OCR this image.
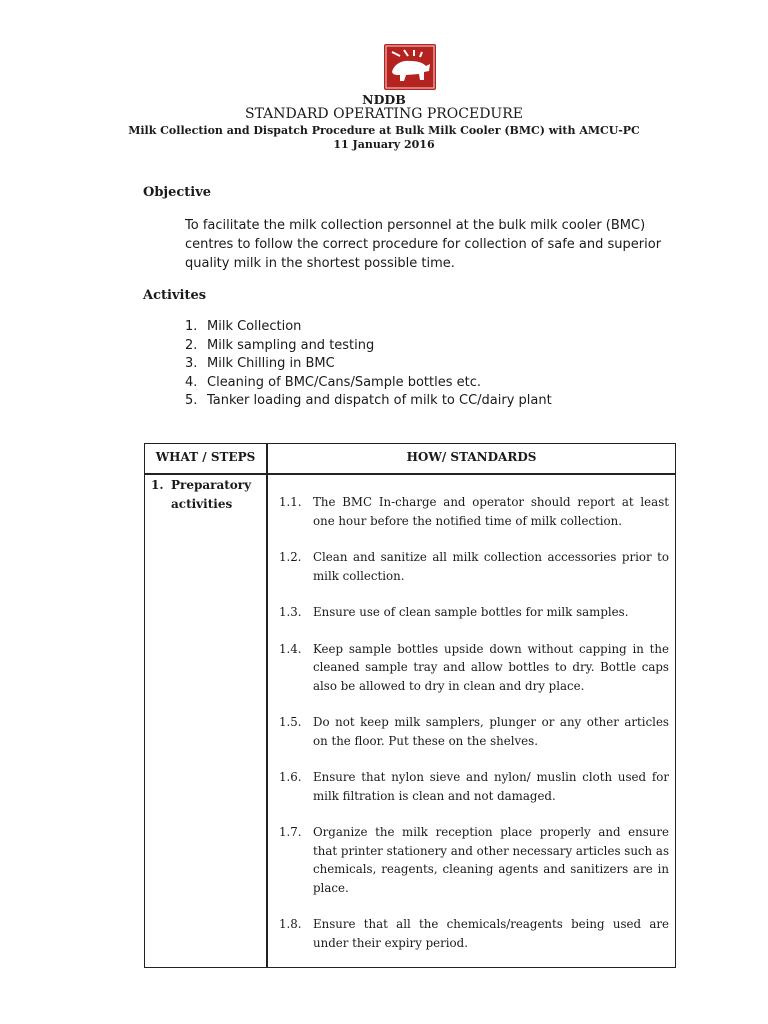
NDDB
STANDARD OPERATING PROCEDURE
Milk Collection and Dispatch Procedure at Bulk Milk Cooler (BMC) with AMCU-PC
11 January 2016
Objective
To facilitate the milk collection personnel at the bulk milk cooler (BMC) centres to follow the correct procedure for collection of safe and superior quality milk in the shortest possible time.
Activites
1. Milk Collection
2. Milk sampling and testing
3. Milk Chilling in BMC
4. Cleaning of BMC/Cans/Sample bottles etc.
5. Tanker loading and dispatch of milk to CC/dairy plant
WHAT / STEPS	HOW/ STANDARDS
1. Preparatory
activities	1.1. The BMC In-charge and operator should report at least one hour before the notified time of milk collection.
1.2. Clean and sanitize all milk collection accessories prior to milk collection.
1.3. Ensure use of clean sample bottles for milk samples.
1.4. Keep sample bottles upside down without capping in the cleaned sample tray and allow bottles to dry. Bottle caps also be allowed to dry in clean and dry place.
1.5. Do not keep milk samplers, plunger or any other articles on the floor. Put these on the shelves.
1.6. Ensure that nylon sieve and nylon/ muslin cloth used for milk filtration is clean and not damaged.
1.7. Organize the milk reception place properly and ensure that printer stationery and other necessary articles such as chemicals, reagents, cleaning agents and sanitizers are in place.
1.8. Ensure that all the chemicals/reagents being used are under their expiry period.
